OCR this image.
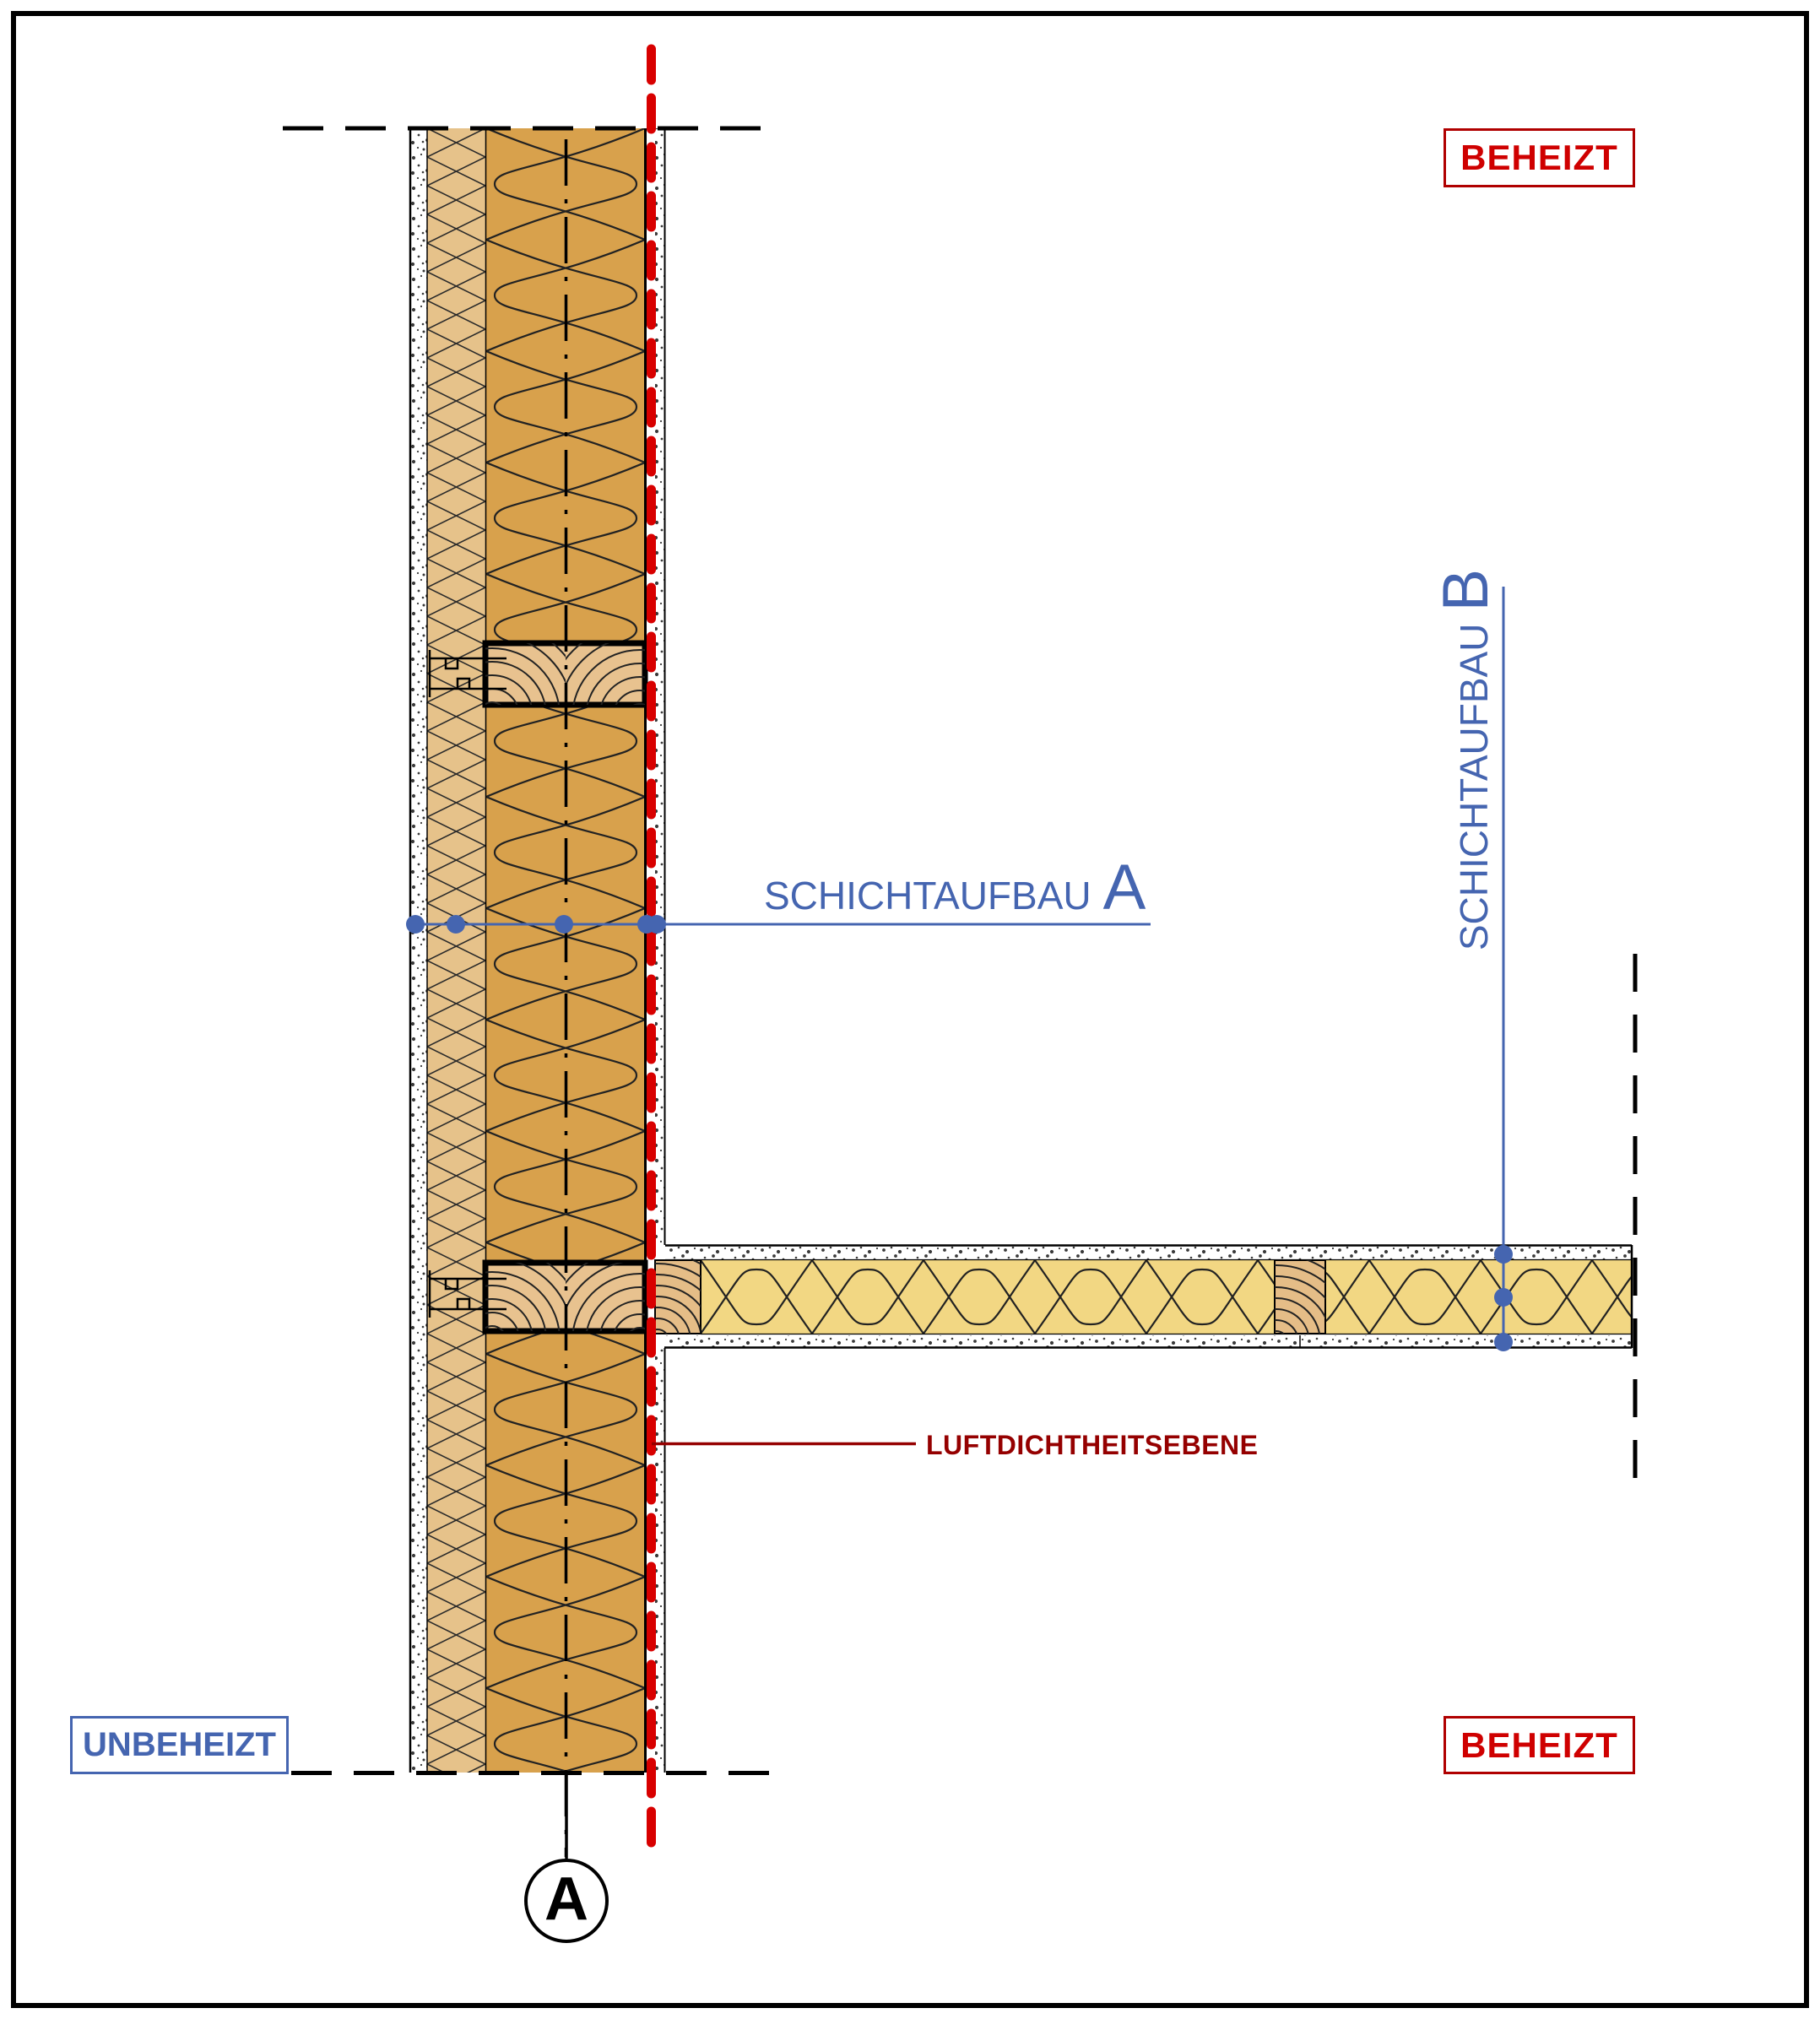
BEHEIZT
BEHEIZT
UNBEHEIZT
SCHICHTAUFBAU A	SCHICHTAUFBAU
B
LUFTDICHTHEITSEBENE
A
